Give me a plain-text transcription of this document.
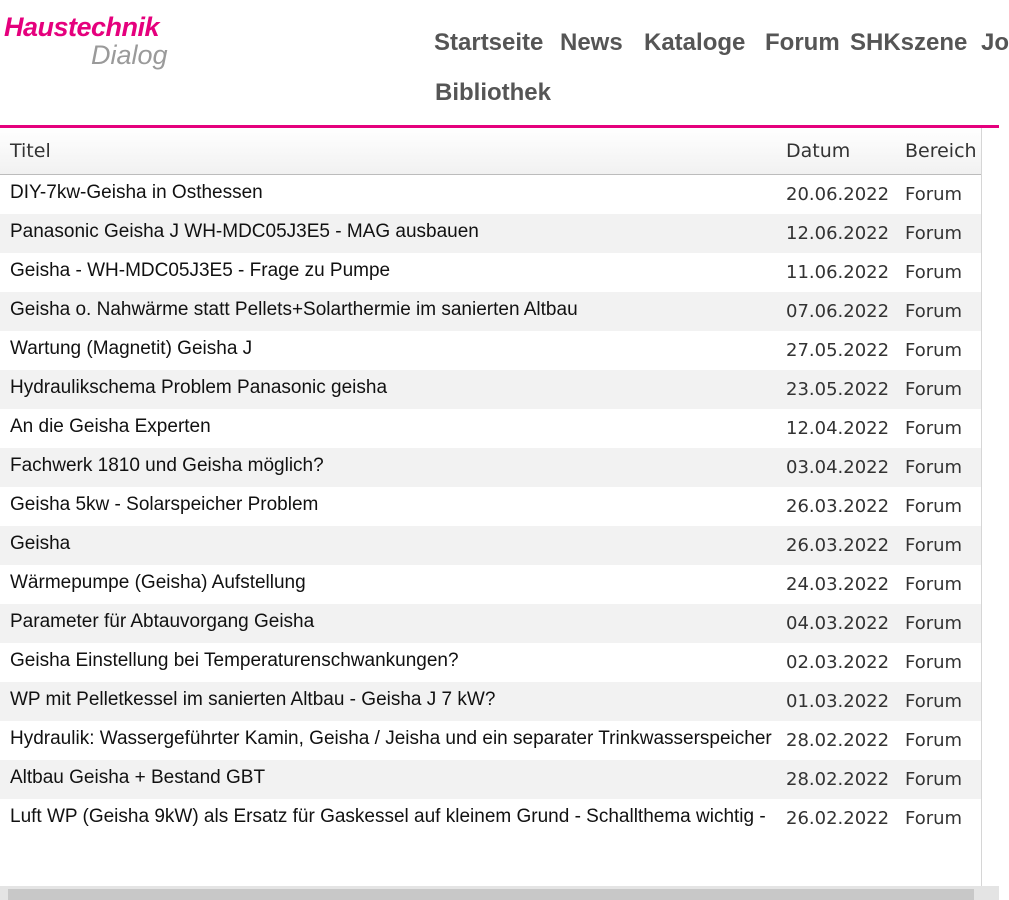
Haustechnik
Dialog	Startseite News Kataloge Forum SHKszene Jo
Bibliothek
Titel	Datum	Bereich

DIY-7kw-Geisha in Osthessen	20.06.2022	Forum

Panasonic Geisha J WH-MDC05J3E5 - MAG ausbauen	12.06.2022	Forum

Geisha - WH-MDC05J3E5 - Frage zu Pumpe	11.06.2022	Forum

Geisha o. Nahwärme statt Pellets+Solarthermie im sanierten Altbau	07.06.2022	Forum

Wartung (Magnetit) Geisha J	27.05.2022	Forum

Hydraulikschema Problem Panasonic geisha	23.05.2022	Forum

An die Geisha Experten	12.04.2022	Forum

Fachwerk 1810 und Geisha möglich?	03.04.2022	Forum

Geisha 5kw - Solarspeicher Problem	26.03.2022	Forum

Geisha	26.03.2022	Forum

Wärmepumpe (Geisha) Aufstellung	24.03.2022	Forum

Parameter für Abtauvorgang Geisha	04.03.2022	Forum

Geisha Einstellung bei Temperaturenschwankungen?	02.03.2022	Forum

WP mit Pelletkessel im sanierten Altbau - Geisha J 7 kW?	01.03.2022	Forum

Hydraulik: Wassergeführter Kamin, Geisha / Jeisha und ein separater Trinkwasserspeicher	28.02.2022	Forum

Altbau Geisha + Bestand GBT	28.02.2022	Forum

Luft WP (Geisha 9kW) als Ersatz für Gaskessel auf kleinem Grund - Schallthema wichtig -	26.02.2022	Forum
